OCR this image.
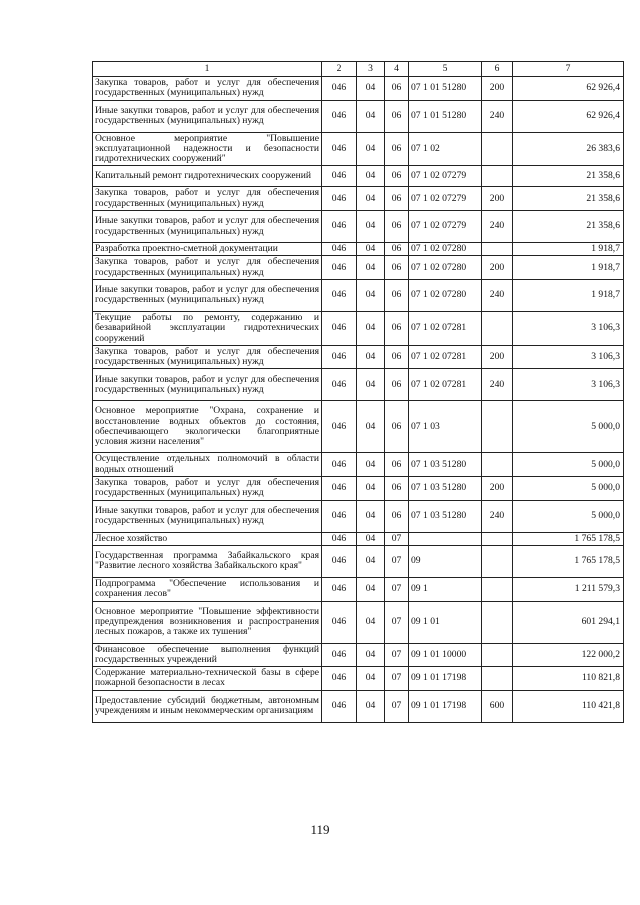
1	2	3	4	5	6	7
Закупка товаров, работ и услуг для обеспечения государственных (муниципальных) нужд	046	04	06	07 1 01 51280	200	62 926,4
Иные закупки товаров, работ и услуг для обеспечения государственных (муниципальных) нужд	046	04	06	07 1 01 51280	240	62 926,4
Основное мероприятие "Повышение эксплуатационной надежности и безопасности гидротехнических сооружений"	046	04	06	07 1 02		26 383,6
Капитальный ремонт гидротехнических сооружений	046	04	06	07 1 02 07279		21 358,6
Закупка товаров, работ и услуг для обеспечения государственных (муниципальных) нужд	046	04	06	07 1 02 07279	200	21 358,6
Иные закупки товаров, работ и услуг для обеспечения государственных (муниципальных) нужд	046	04	06	07 1 02 07279	240	21 358,6
Разработка проектно-сметной документации	046	04	06	07 1 02 07280		1 918,7
Закупка товаров, работ и услуг для обеспечения государственных (муниципальных) нужд	046	04	06	07 1 02 07280	200	1 918,7
Иные закупки товаров, работ и услуг для обеспечения государственных (муниципальных) нужд	046	04	06	07 1 02 07280	240	1 918,7
Текущие работы по ремонту, содержанию и безаварийной эксплуатации гидротехнических сооружений	046	04	06	07 1 02 07281		3 106,3
Закупка товаров, работ и услуг для обеспечения государственных (муниципальных) нужд	046	04	06	07 1 02 07281	200	3 106,3
Иные закупки товаров, работ и услуг для обеспечения государственных (муниципальных) нужд	046	04	06	07 1 02 07281	240	3 106,3
Основное мероприятие "Охрана, сохранение и восстановление водных объектов до состояния, обеспечивающего экологически благоприятные условия жизни населения"	046	04	06	07 1 03		5 000,0
Осуществление отдельных полномочий в области водных отношений	046	04	06	07 1 03 51280		5 000,0
Закупка товаров, работ и услуг для обеспечения государственных (муниципальных) нужд	046	04	06	07 1 03 51280	200	5 000,0
Иные закупки товаров, работ и услуг для обеспечения государственных (муниципальных) нужд	046	04	06	07 1 03 51280	240	5 000,0
Лесное хозяйство	046	04	07			1 765 178,5
Государственная программа Забайкальского края "Развитие лесного хозяйства Забайкальского края"	046	04	07	09		1 765 178,5
Подпрограмма "Обеспечение использования и сохранения лесов"	046	04	07	09 1		1 211 579,3
Основное мероприятие "Повышение эффективности предупреждения возникновения и распространения лесных пожаров, а также их тушения"	046	04	07	09 1 01		601 294,1
Финансовое обеспечение выполнения функций государственных учреждений	046	04	07	09 1 01 10000		122 000,2
Содержание материально-технической базы в сфере пожарной безопасности в лесах	046	04	07	09 1 01 17198		110 821,8
Предоставление субсидий бюджетным, автономным учреждениям и иным некоммерческим организациям	046	04	07	09 1 01 17198	600	110 421,8
119
